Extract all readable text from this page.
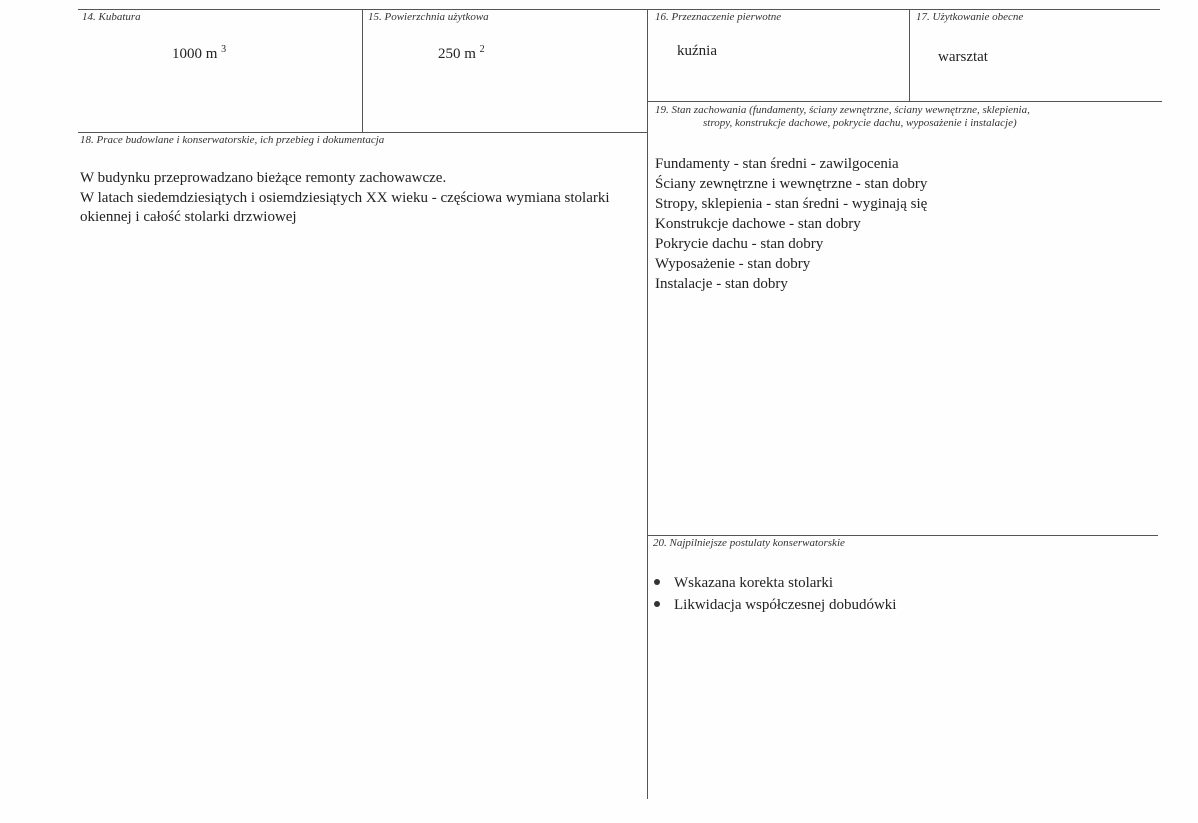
14. Kubatura
1000 m $^3$
15. Powierzchnia użytkowa
250 m $^2$
16. Przeznaczenie pierwotne
kuźnia
17. Użytkowanie obecne
warsztat
18. Prace budowlane i konserwatorskie, ich przebieg i dokumentacja
W budynku przeprowadzano bieżące remonty zachowawcze.
W latach siedemdziesiątych i osiemdziesiątych XX wieku - częściowa wymiana stolarki
okiennej i całość stolarki drzwiowej
19. Stan zachowania (fundamenty, ściany zewnętrzne, ściany wewnętrzne, sklepienia,
stropy, konstrukcje dachowe, pokrycie dachu, wyposażenie i instalacje)
Fundamenty - stan średni - zawilgocenia
Ściany zewnętrzne i wewnętrzne - stan dobry
Stropy, sklepienia - stan średni - wyginają się
Konstrukcje dachowe - stan dobry
Pokrycie dachu - stan dobry
Wyposażenie - stan dobry
Instalacje - stan dobry
20. Najpilniejsze postulaty konserwatorskie
Wskazana korekta stolarki
Likwidacja współczesnej dobudówki
